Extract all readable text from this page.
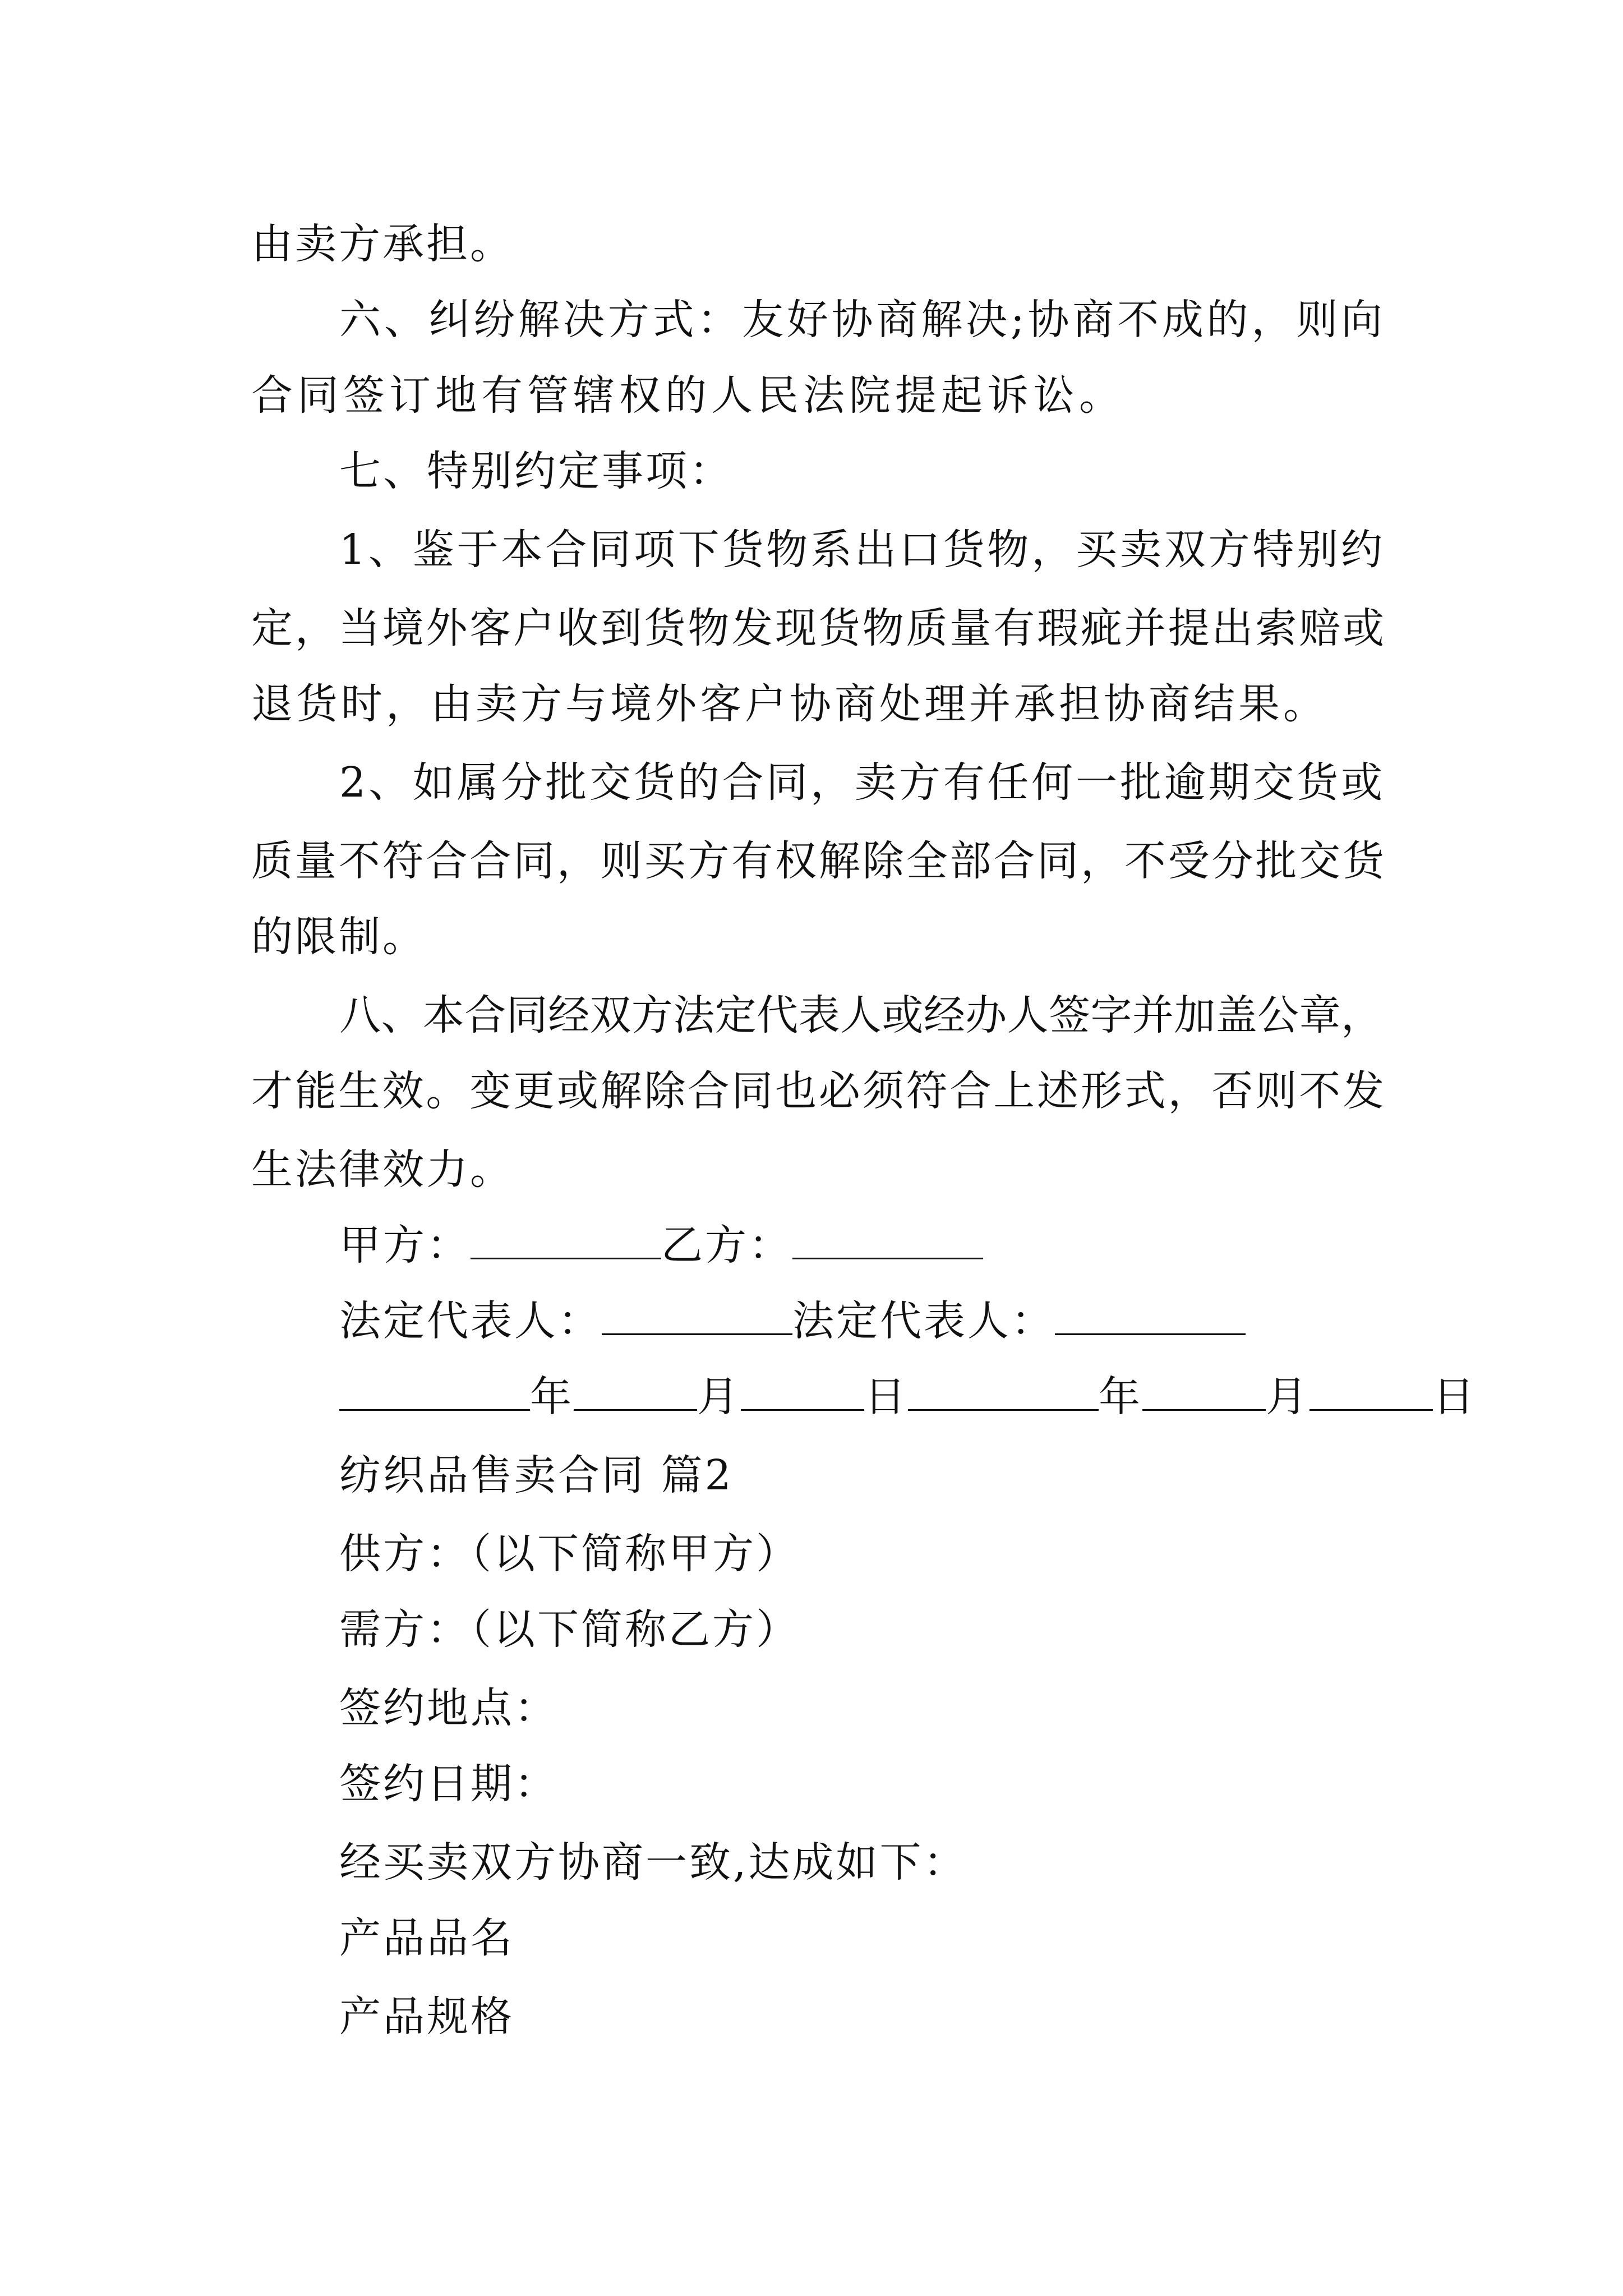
由卖方承担。
六、纠纷解决方式：友好协商解决;协商不成的，则向
合同签订地有管辖权的人民法院提起诉讼。
七、特别约定事项：
1、鉴于本合同项下货物系出口货物，买卖双方特别约
定，当境外客户收到货物发现货物质量有瑕疵并提出索赔或
退货时，由卖方与境外客户协商处理并承担协商结果。
2、如属分批交货的合同，卖方有任何一批逾期交货或
质量不符合合同，则买方有权解除全部合同，不受分批交货
的限制。
八、本合同经双方法定代表人或经办人签字并加盖公章，
才能生效。变更或解除合同也必须符合上述形式，否则不发
生法律效力。
甲方：	乙方：
法定代表人：	法定代表人：
年	月	日	年	月	日
纺织品售卖合同 篇2
供方：（以下简称甲方）
需方：（以下简称乙方）
签约地点：
签约日期：
经买卖双方协商一致,达成如下：
产品品名
产品规格
